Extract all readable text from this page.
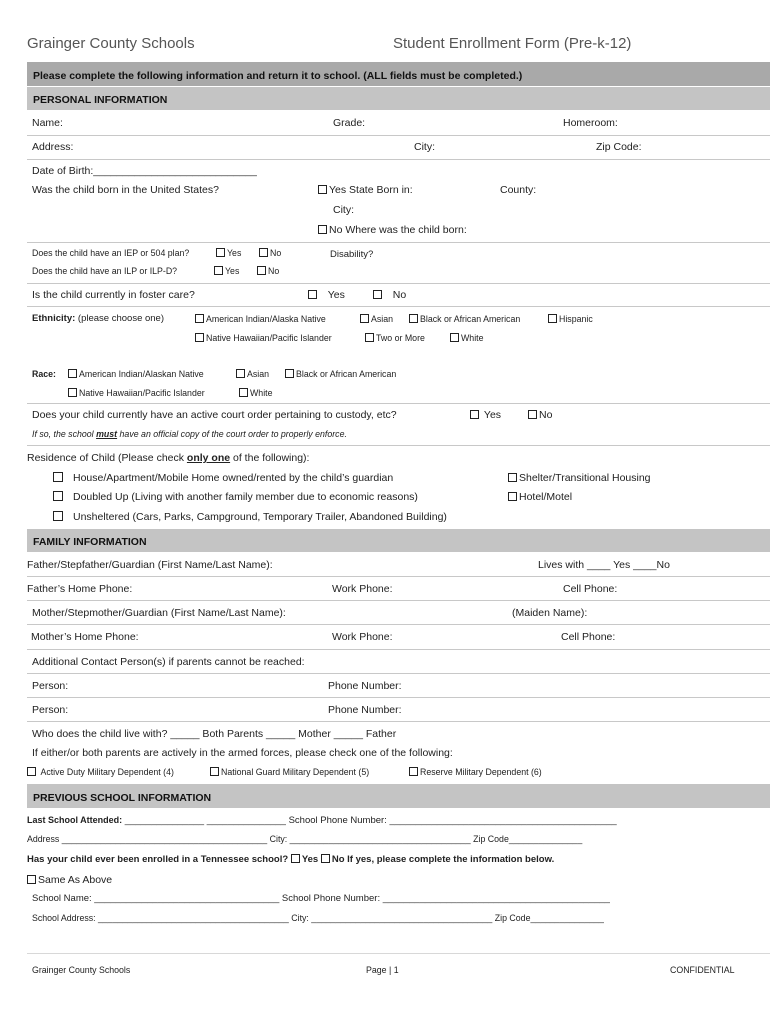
Grainger County Schools	Student Enrollment Form (Pre-k-12)
Please complete the following information and return it to school. (ALL fields must be completed.)
PERSONAL INFORMATION
Name:	Grade:	Homeroom:
Address:	City:	Zip Code:
Date of Birth:____________________________
Was the child born in the United States?	Yes State Born in:	County:
City:
No Where was the child born:
Does the child have an IEP or 504 plan?	Yes	No	Disability?
Does the child have an ILP or ILP-D?	Yes	No
Is the child currently in foster care?	Yes	No
Ethnicity: (please choose one)	American Indian/Alaska Native	Asian	Black or African American	Hispanic
Native Hawaiian/Pacific Islander	Two or More	White
Race:	American Indian/Alaskan Native	Asian	Black or African American
Native Hawaiian/Pacific Islander	White
Does your child currently have an active court order pertaining to custody, etc?	Yes	No
If so, the school must have an official copy of the court order to properly enforce.
Residence of Child (Please check only one of the following):
House/Apartment/Mobile Home owned/rented by the child’s guardian
Doubled Up (Living with another family member due to economic reasons)
Unsheltered (Cars, Parks, Campground, Temporary Trailer, Abandoned Building)
Shelter/Transitional Housing
Hotel/Motel
FAMILY INFORMATION
Father/Stepfather/Guardian (First Name/Last Name):	Lives with ____ Yes ____No
Father’s Home Phone:	Work Phone:	Cell Phone:
Mother/Stepmother/Guardian (First Name/Last Name):	(Maiden Name):
Mother’s Home Phone:	Work Phone:	Cell Phone:
Additional Contact Person(s) if parents cannot be reached:
Person:	Phone Number:
Person:	Phone Number:
Who does the child live with? _____ Both Parents _____ Mother _____ Father
If either/or both parents are actively in the armed forces, please check one of the following:
Active Duty Military Dependent (4)	National Guard Military Dependent (5)	Reserve Military Dependent (6)
PREVIOUS SCHOOL INFORMATION
Last School Attended: _______________ _______________ School Phone Number: ___________________________________________
Address __________________________________________ City: _____________________________________ Zip Code_______________
Has your child ever been enrolled in a Tennessee school? Yes No If yes, please complete the information below.
Same As Above
School Name: ___________________________________ School Phone Number: ___________________________________________
School Address: _______________________________________ City: _____________________________________ Zip Code_______________
Grainger County Schools	Page | 1	CONFIDENTIAL
